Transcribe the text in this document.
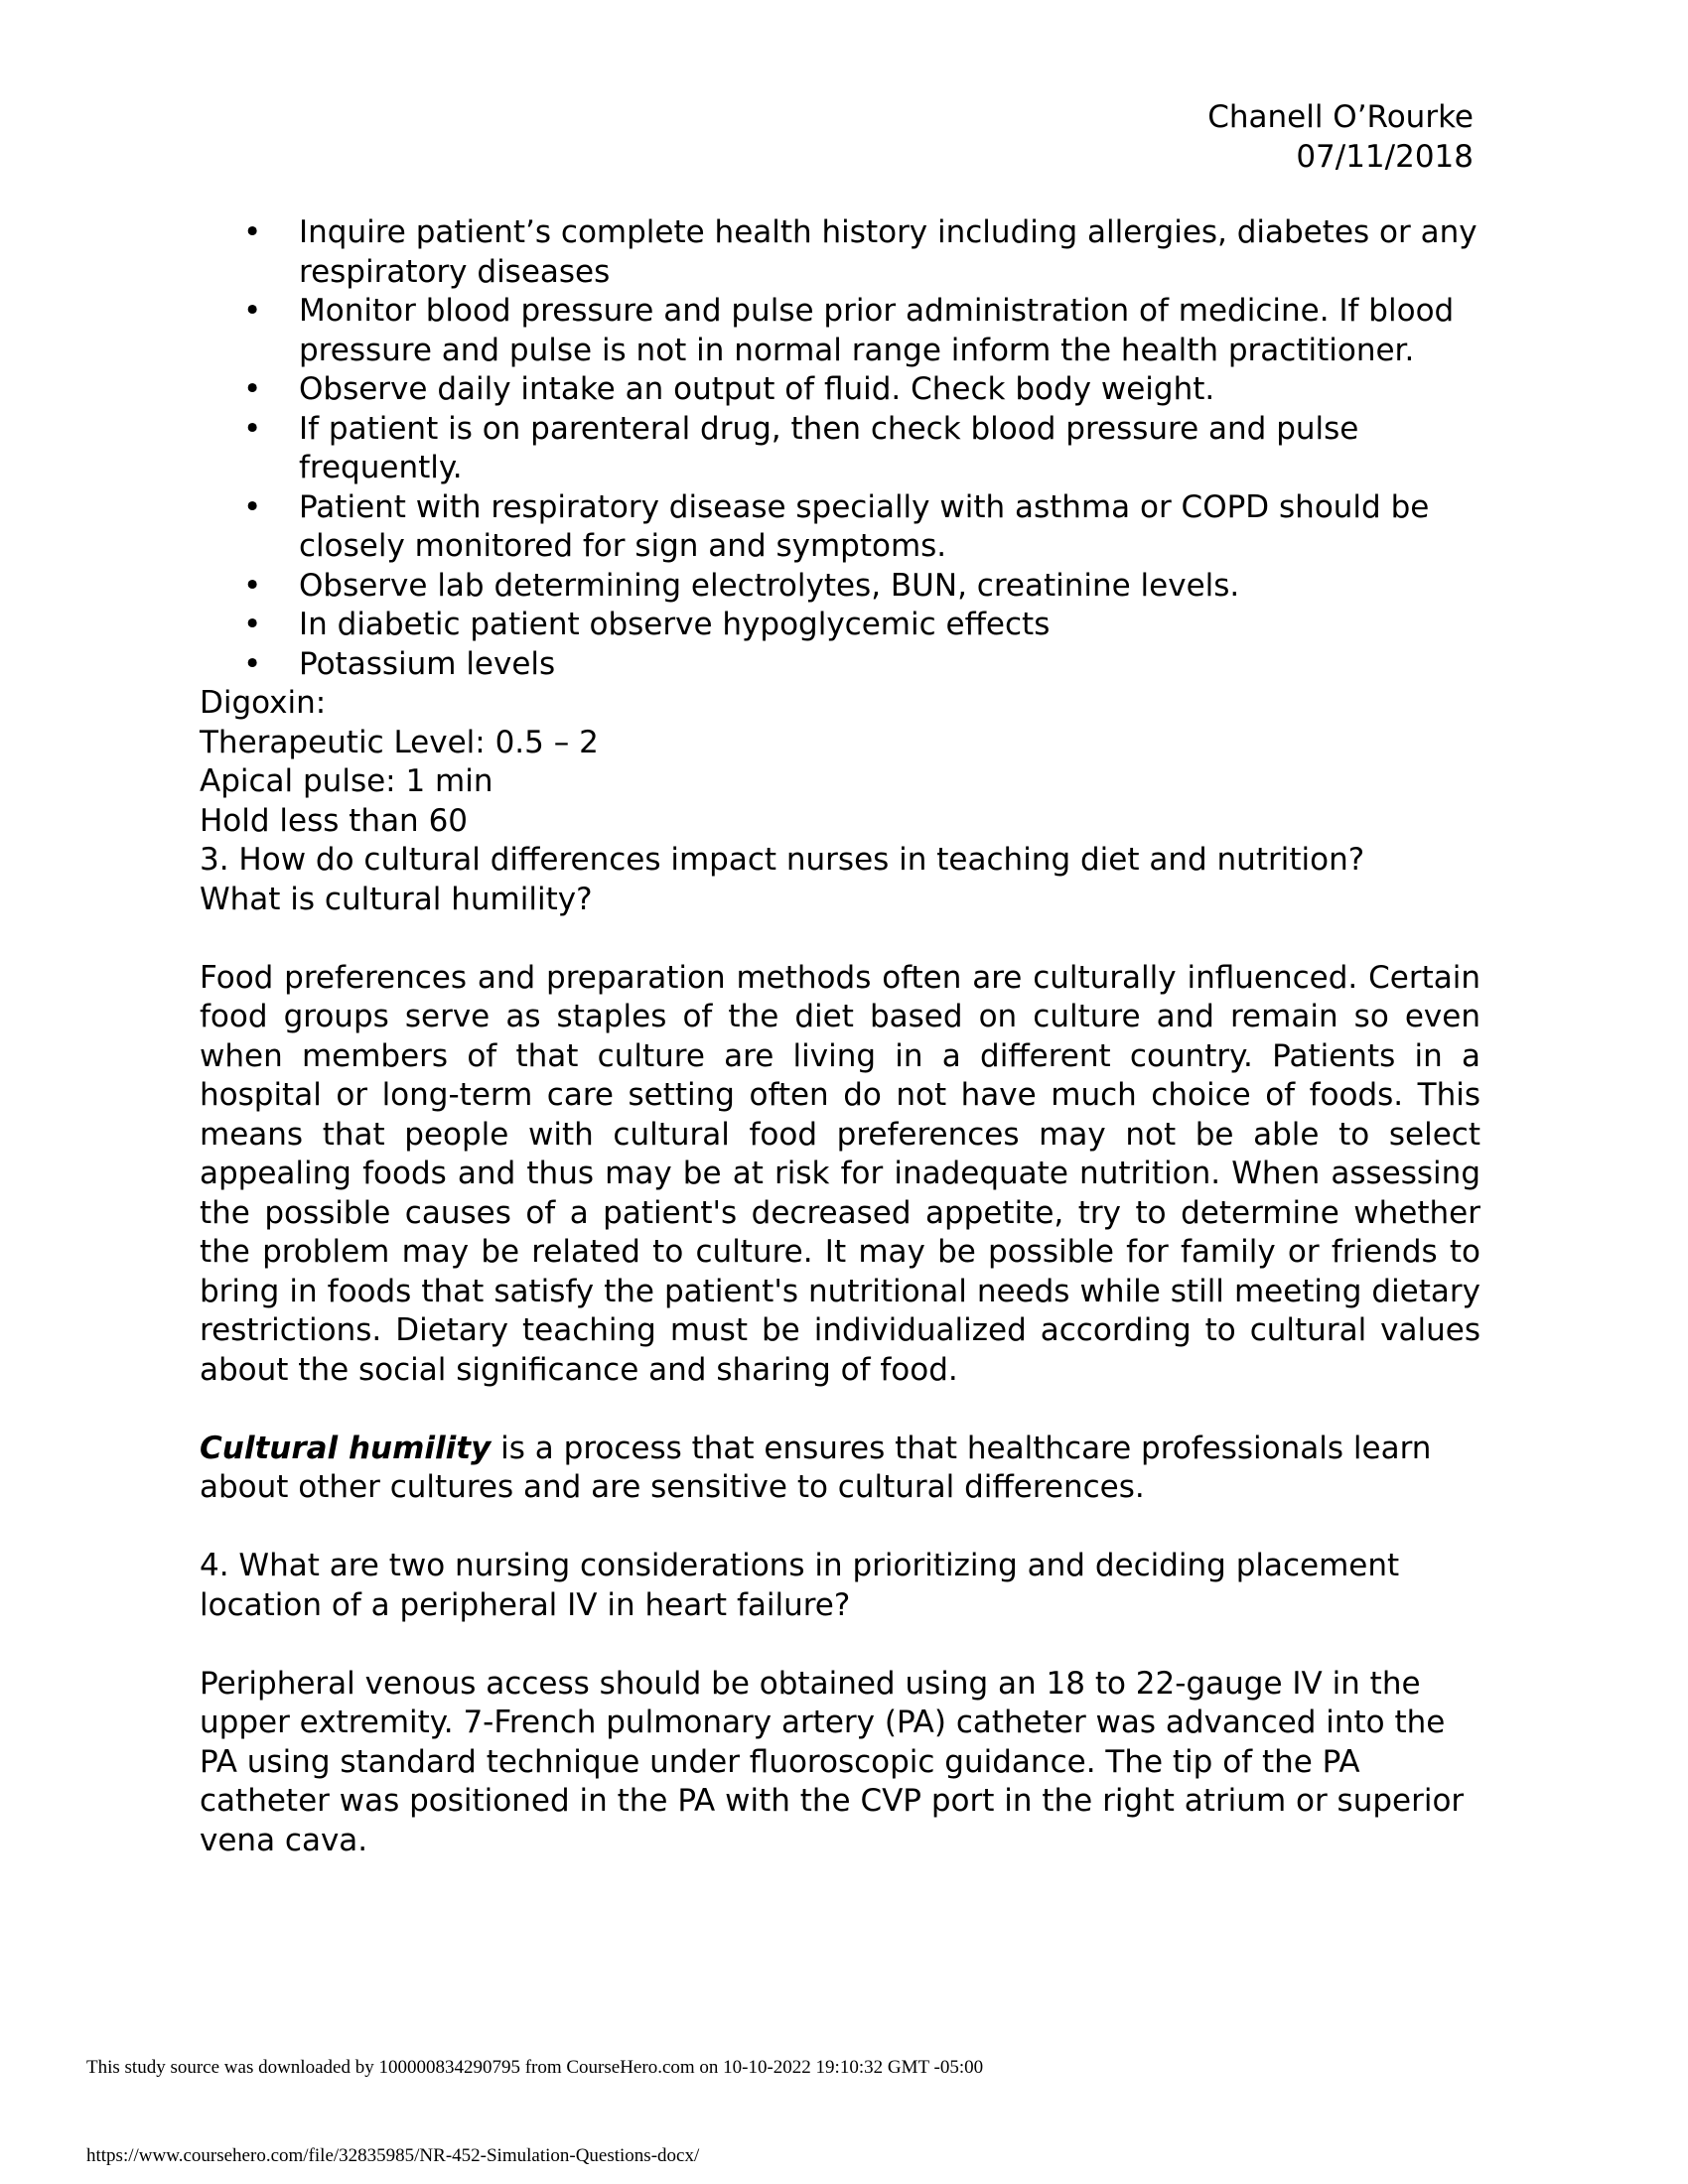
Chanell O’Rourke
07/11/2018
• Inquire patient’s complete health history including allergies, diabetes or any respiratory diseases
• Monitor blood pressure and pulse prior administration of medicine. If blood pressure and pulse is not in normal range inform the health practitioner.
• Observe daily intake an output of fluid. Check body weight.
• If patient is on parenteral drug, then check blood pressure and pulse frequently.
• Patient with respiratory disease specially with asthma or COPD should be closely monitored for sign and symptoms.
• Observe lab determining electrolytes, BUN, creatinine levels.
• In diabetic patient observe hypoglycemic effects
• Potassium levels
Digoxin:
Therapeutic Level: 0.5 – 2
Apical pulse: 1 min
Hold less than 60
3. How do cultural differences impact nurses in teaching diet and nutrition?
What is cultural humility?

Food preferences and preparation methods often are culturally influenced. Certain food groups serve as staples of the diet based on culture and remain so even when members of that culture are living in a different country. Patients in a hospital or long-term care setting often do not have much choice of foods. This means that people with cultural food preferences may not be able to select appealing foods and thus may be at risk for inadequate nutrition. When assessing the possible causes of a patient's decreased appetite, try to determine whether the problem may be related to culture. It may be possible for family or friends to bring in foods that satisfy the patient's nutritional needs while still meeting dietary restrictions. Dietary teaching must be individualized according to cultural values about the social significance and sharing of food.

Cultural humility is a process that ensures that healthcare professionals learn about other cultures and are sensitive to cultural differences.

4. What are two nursing considerations in prioritizing and deciding placement location of a peripheral IV in heart failure?

Peripheral venous access should be obtained using an 18 to 22-gauge IV in the upper extremity. 7-French pulmonary artery (PA) catheter was advanced into the PA using standard technique under fluoroscopic guidance. The tip of the PA catheter was positioned in the PA with the CVP port in the right atrium or superior vena cava.

This study source was downloaded by 100000834290795 from CourseHero.com on 10-10-2022 19:10:32 GMT -05:00
https://www.coursehero.com/file/32835985/NR-452-Simulation-Questions-docx/
